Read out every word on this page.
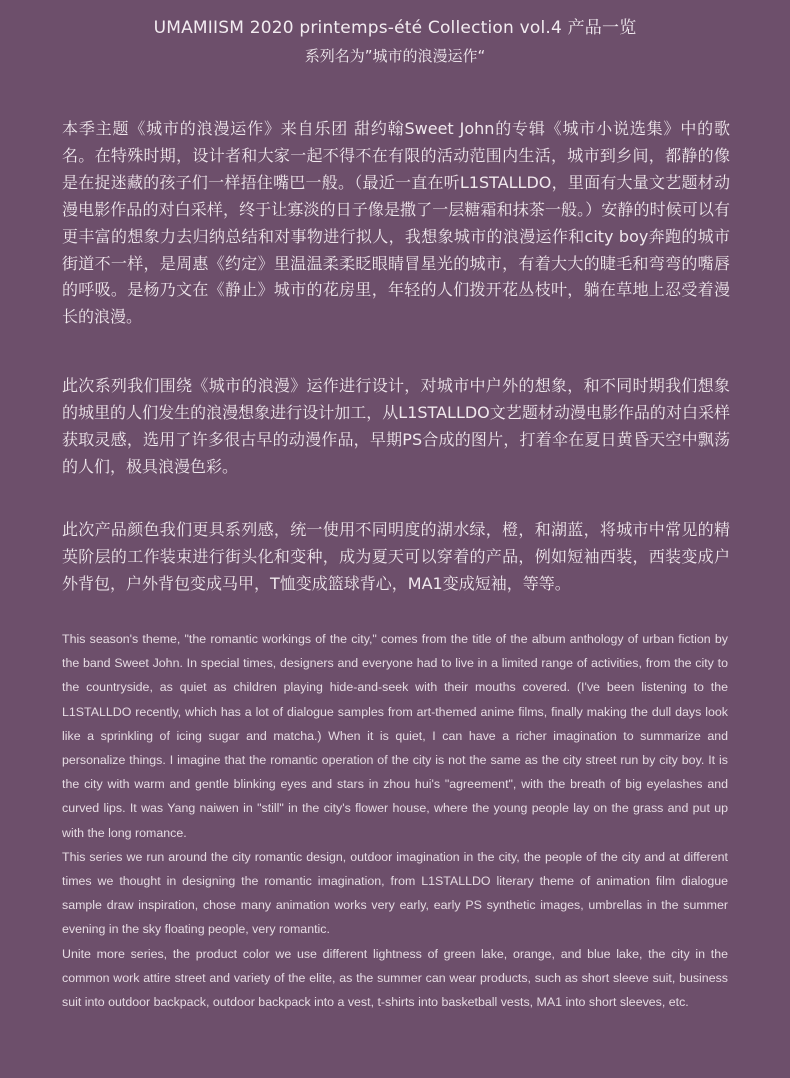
UMAMIISM 2020 printemps-été Collection vol.4 产品一览
系列名为”城市的浪漫运作“

本季主题《城市的浪漫运作》来自乐团 甜约翰Sweet John的专辑《城市小说选集》中的歌名。在特殊时期，设计者和大家一起不得不在有限的活动范围内生活，城市到乡间，都静的像是在捉迷藏的孩子们一样捂住嘴巴一般。（最近一直在听L1STALLDO，里面有大量文艺题材动漫电影作品的对白采样，终于让寡淡的日子像是撒了一层糖霜和抹茶一般。）安静的时候可以有更丰富的想象力去归纳总结和对事物进行拟人，我想象城市的浪漫运作和city boy奔跑的城市街道不一样，是周惠《约定》里温温柔柔眨眼睛冒星光的城市，有着大大的睫毛和弯弯的嘴唇的呼吸。是杨乃文在《静止》城市的花房里，年轻的人们拨开花丛枝叶，躺在草地上忍受着漫长的浪漫。

此次系列我们围绕《城市的浪漫》运作进行设计，对城市中户外的想象，和不同时期我们想象的城里的人们发生的浪漫想象进行设计加工，从L1STALLDO文艺题材动漫电影作品的对白采样获取灵感，选用了许多很古早的动漫作品，早期PS合成的图片，打着伞在夏日黄昏天空中飘荡的人们，极具浪漫色彩。

此次产品颜色我们更具系列感，统一使用不同明度的湖水绿，橙，和湖蓝，将城市中常见的精英阶层的工作装束进行街头化和变种，成为夏天可以穿着的产品，例如短袖西装，西装变成户外背包，户外背包变成马甲，T恤变成篮球背心，MA1变成短袖，等等。

This season's theme, "the romantic workings of the city," comes from the title of the album anthology of urban fiction by the band Sweet John. In special times, designers and everyone had to live in a limited range of activities, from the city to the countryside, as quiet as children playing hide-and-seek with their mouths covered. (I've been listening to the L1STALLDO recently, which has a lot of dialogue samples from art-themed anime films, finally making the dull days look like a sprinkling of icing sugar and matcha.) When it is quiet, I can have a richer imagination to summarize and personalize things. I imagine that the romantic operation of the city is not the same as the city street run by city boy. It is the city with warm and gentle blinking eyes and stars in zhou hui's "agreement", with the breath of big eyelashes and curved lips. It was Yang naiwen in "still" in the city's flower house, where the young people lay on the grass and put up with the long romance.

This series we run around the city romantic design, outdoor imagination in the city, the people of the city and at different times we thought in designing the romantic imagination, from L1STALLDO literary theme of animation film dialogue sample draw inspiration, chose many animation works very early, early PS synthetic images, umbrellas in the summer evening in the sky floating people, very romantic.

Unite more series, the product color we use different lightness of green lake, orange, and blue lake, the city in the common work attire street and variety of the elite, as the summer can wear products, such as short sleeve suit, business suit into outdoor backpack, outdoor backpack into a vest, t-shirts into basketball vests, MA1 into short sleeves, etc.
